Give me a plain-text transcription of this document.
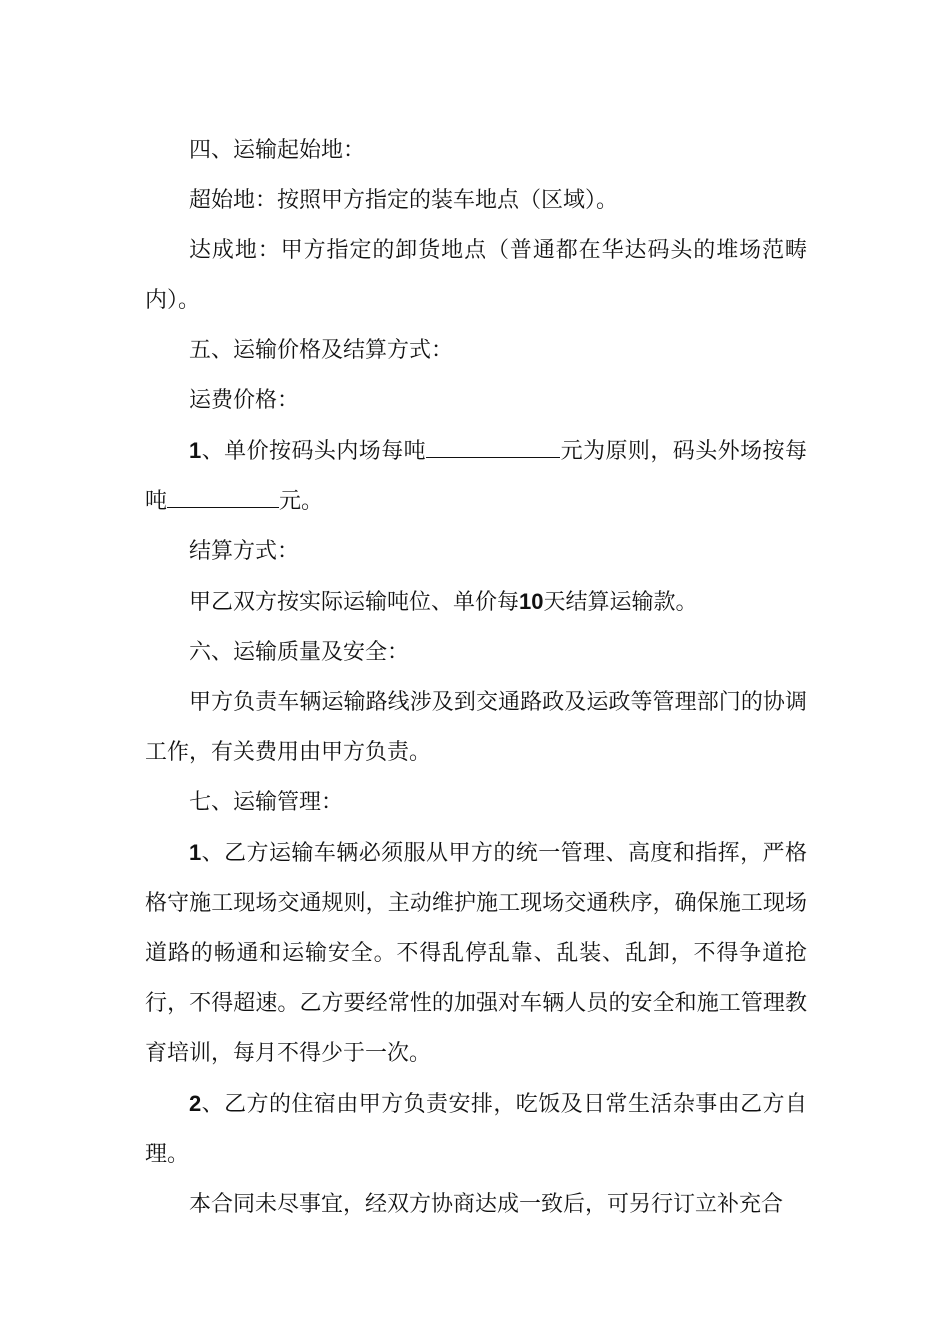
四、运输起始地：

超始地：按照甲方指定的装车地点（区域）。

达成地：甲方指定的卸货地点（普通都在华达码头的堆场范畴内）。

五、运输价格及结算方式：

运费价格：

1、单价按码头内场每吨	元为原则，码头外场按每吨	元。

结算方式：

甲乙双方按实际运输吨位、单价每10天结算运输款。

六、运输质量及安全：

甲方负责车辆运输路线涉及到交通路政及运政等管理部门的协调工作，有关费用由甲方负责。

七、运输管理：

1、乙方运输车辆必须服从甲方的统一管理、高度和指挥，严格格守施工现场交通规则，主动维护施工现场交通秩序，确保施工现场道路的畅通和运输安全。不得乱停乱靠、乱装、乱卸，不得争道抢行，不得超速。乙方要经常性的加强对车辆人员的安全和施工管理教育培训，每月不得少于一次。

2、乙方的住宿由甲方负责安排，吃饭及日常生活杂事由乙方自理。

本合同未尽事宜，经双方协商达成一致后，可另行订立补充合
